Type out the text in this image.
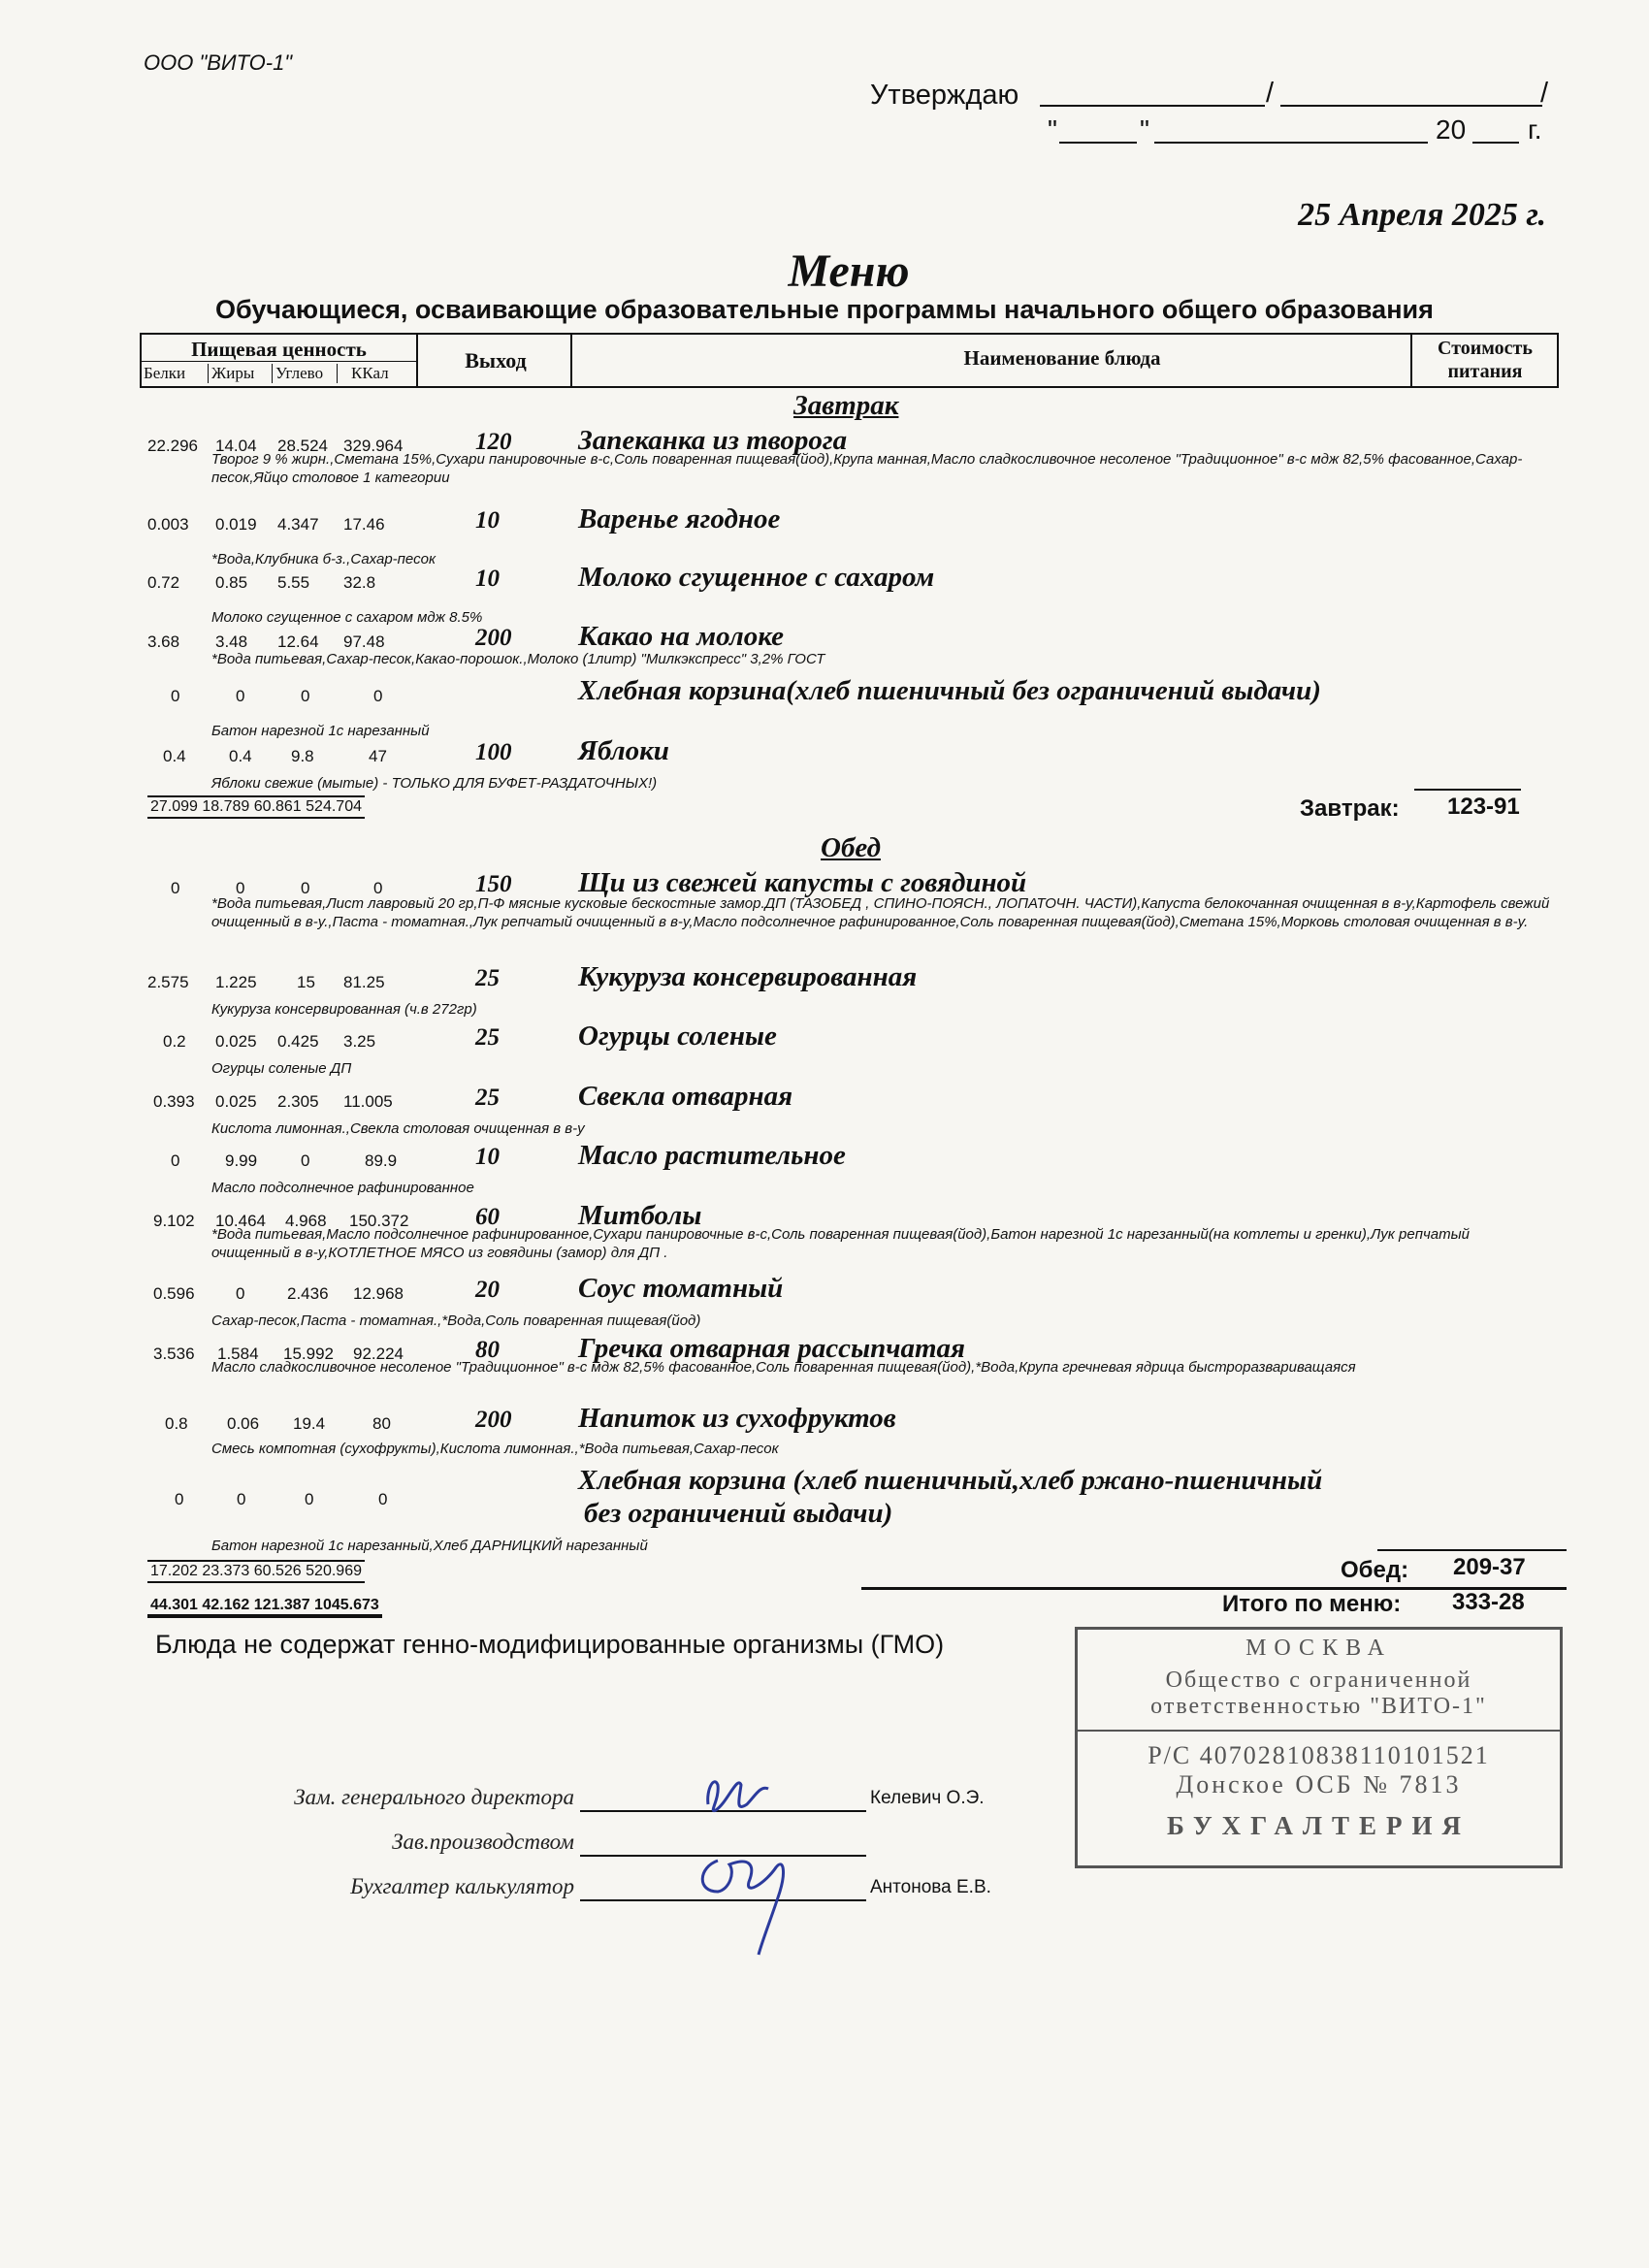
ООО "ВИТО-1"
Утверждаю	/	/
"	"	20 г.
25 Апреля 2025 г.
Меню
Обучающиеся, осваивающие образовательные программы начального общего образования
Пищевая ценность
Белки Жиры Углево	ККал
Выход	Наименование блюда	Стоимость питания
Завтрак
22.296 14.04 28.524 329.964	120 Запеканка из творога
Творог 9 % жирн.,Сметана 15%,Сухари панировочные в-с,Соль поваренная пищевая(йод),Крупа манная,Масло сладкосливочное несоленое "Традиционное" в-с мдж 82,5% фасованное,Сахар-песок,Яйцо столовое 1 категории
0.003 0.019 4.347 17.46	10	Варенье ягодное
*Вода,Клубника б-з.,Сахар-песок
0.72 0.85 5.55 32.8	10	Молоко сгущенное с сахаром
Молоко сгущенное с сахаром мдж 8.5%
3.68 3.48 12.64 97.48	200 Какао на молоке
*Вода питьевая,Сахар-песок,Какао-порошок.,Молоко (1литр) "Милкэкспресс" 3,2% ГОСТ
0	0	0	0	Хлебная корзина(хлеб пшеничный без ограничений выдачи)
Батон нарезной 1с нарезанный
0.4	0.4 9.8	47	100 Яблоки
Яблоки свежие (мытые) - ТОЛЬКО ДЛЯ БУФЕТ-РАЗДАТОЧНЫХ!)
27.099 18.789 60.861 524.704	Завтрак: 123-91
Обед
0	0	0	0	150 Щи из свежей капусты с говядиной
*Вода питьевая,Лист лавровый 20 гр,П-Ф мясные кусковые бескостные замор.ДП (ТАЗОБЕД , СПИНО-ПОЯСН., ЛОПАТОЧН. ЧАСТИ),Капуста белокочанная очищенная в в-у,Картофель свежий очищенный в в-у.,Паста - томатная.,Лук репчатый очищенный в в-у,Масло подсолнечное рафинированное,Соль поваренная пищевая(йод),Сметана 15%,Морковь столовая очищенная в в-у.
2.575 1.225 15 81.25	25	Кукуруза консервированная
Кукуруза консервированная (ч.в 272гр)
0.2 0.025 0.425 3.25	25	Огурцы соленые
Огурцы соленые ДП
0.393 0.025 2.305 11.005	25	Свекла отварная
Кислота лимонная.,Свекла столовая очищенная в в-у
0	9.99	0	89.9	10	Масло растительное
Масло подсолнечное рафинированное
9.102 10.464 4.968 150.372	60	Митболы
*Вода питьевая,Масло подсолнечное рафинированное,Сухари панировочные в-с,Соль поваренная пищевая(йод),Батон нарезной 1с нарезанный(на котлеты и гренки),Лук репчатый очищенный в в-у,КОТЛЕТНОЕ МЯСО из говядины (замор) для ДП .
0.596 0	2.436 12.968	20	Соус томатный
Сахар-песок,Паста - томатная.,*Вода,Соль поваренная пищевая(йод)
3.536 1.584 15.992 92.224	80	Гречка отварная рассыпчатая
Масло сладкосливочное несоленое "Традиционное" в-с мдж 82,5% фасованное,Соль поваренная пищевая(йод),*Вода,Крупа гречневая ядрица быстроразвариващаяся
0.8 0.06 19.4	80	200 Напиток из сухофруктов
Смесь компотная (сухофрукты),Кислота лимонная.,*Вода питьевая,Сахар-песок
0	0	0	0
Хлебная корзина (хлеб пшеничный,хлеб ржано-пшеничный
без ограничений выдачи)
Батон нарезной 1с нарезанный,Хлеб ДАРНИЦКИЙ нарезанный
17.202 23.373 60.526 520.969	Обед: 209-37
44.301 42.162 121.387 1045.673	Итого по меню: 333-28
Блюда не содержат генно-модифицированные организмы (ГМО)	МОСКВА
Общество с ограниченной
ответственностью "ВИТО-1"
Р/С 40702810838110101521
Донское ОСБ № 7813
БУХГАЛТЕРИЯ
Зам. генерального директора	Келевич О.Э.
Зав.производством
Бухгалтер калькулятор	Антонова Е.В.
